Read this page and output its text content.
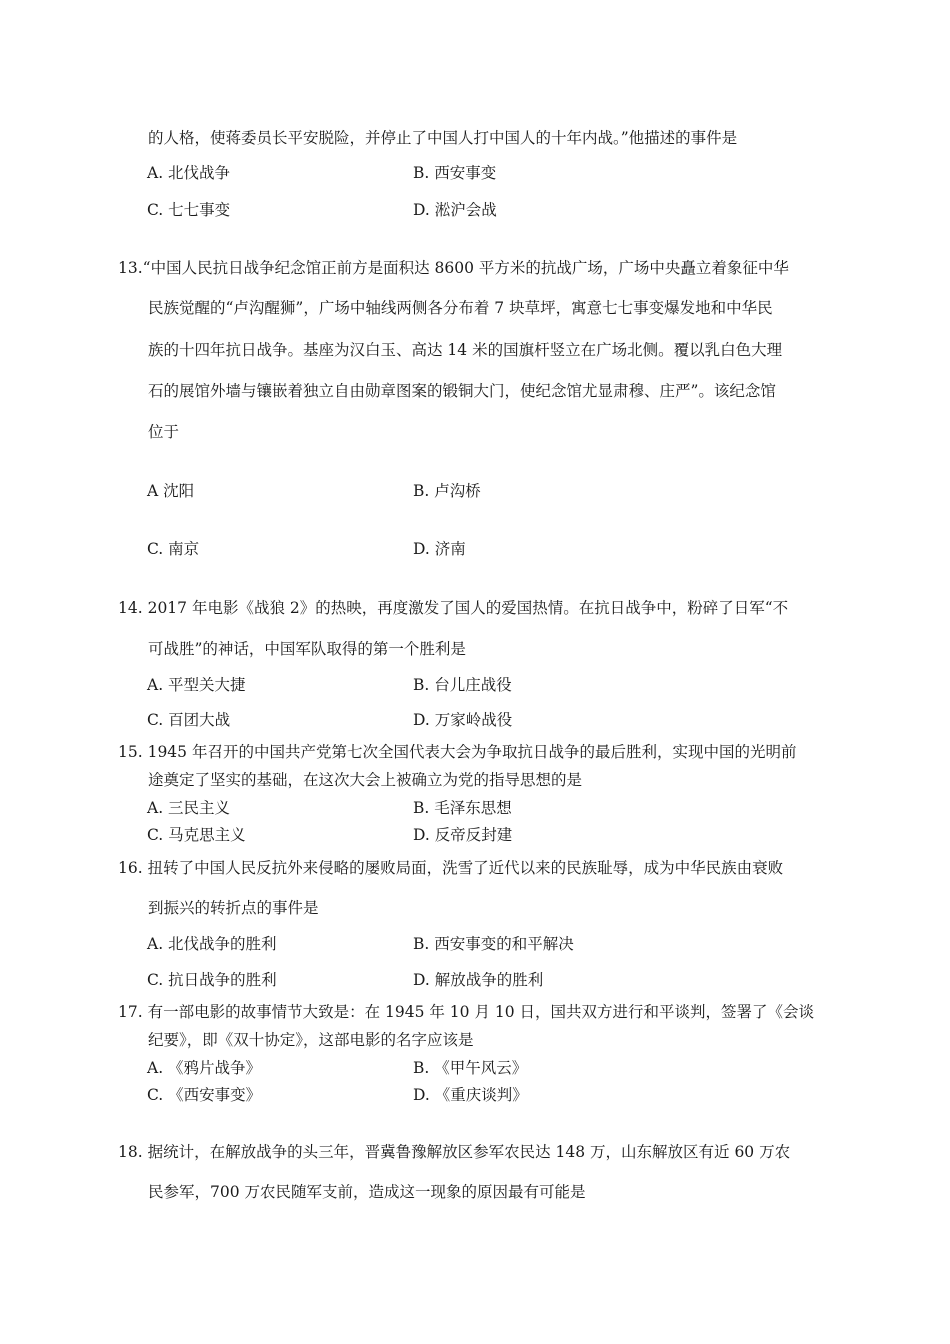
的人格，使蒋委员长平安脱险，并停止了中国人打中国人的十年内战。”他描述的事件是
A. 北伐战争	B. 西安事变
C. 七七事变	D. 淞沪会战
13.“中国人民抗日战争纪念馆正前方是面积达 8600 平方米的抗战广场，广场中央矗立着象征中华
民族觉醒的“卢沟醒狮”，广场中轴线两侧各分布着 7 块草坪，寓意七七事变爆发地和中华民
族的十四年抗日战争。基座为汉白玉、高达 14 米的国旗杆竖立在广场北侧。覆以乳白色大理
石的展馆外墙与镶嵌着独立自由勋章图案的锻铜大门，使纪念馆尤显肃穆、庄严”。该纪念馆
位于
A 沈阳	B. 卢沟桥
C. 南京	D. 济南
14. 2017 年电影《战狼 2》的热映，再度激发了国人的爱国热情。在抗日战争中，粉碎了日军“不
可战胜”的神话，中国军队取得的第一个胜利是
A. 平型关大捷	B. 台儿庄战役
C. 百团大战	D. 万家岭战役
15. 1945 年召开的中国共产党第七次全国代表大会为争取抗日战争的最后胜利，实现中国的光明前
途奠定了坚实的基础，在这次大会上被确立为党的指导思想的是
A. 三民主义	B. 毛泽东思想
C. 马克思主义	D. 反帝反封建
16. 扭转了中国人民反抗外来侵略的屡败局面，洗雪了近代以来的民族耻辱，成为中华民族由衰败
到振兴的转折点的事件是
A. 北伐战争的胜利	B. 西安事变的和平解决
C. 抗日战争的胜利	D. 解放战争的胜利
17. 有一部电影的故事情节大致是：在 1945 年 10 月 10 日，国共双方进行和平谈判，签署了《会谈
纪要》，即《双十协定》，这部电影的名字应该是
A. 《鸦片战争》	B. 《甲午风云》
C. 《西安事变》	D. 《重庆谈判》
18. 据统计，在解放战争的头三年，晋冀鲁豫解放区参军农民达 148 万，山东解放区有近 60 万农
民参军，700 万农民随军支前，造成这一现象的原因最有可能是
